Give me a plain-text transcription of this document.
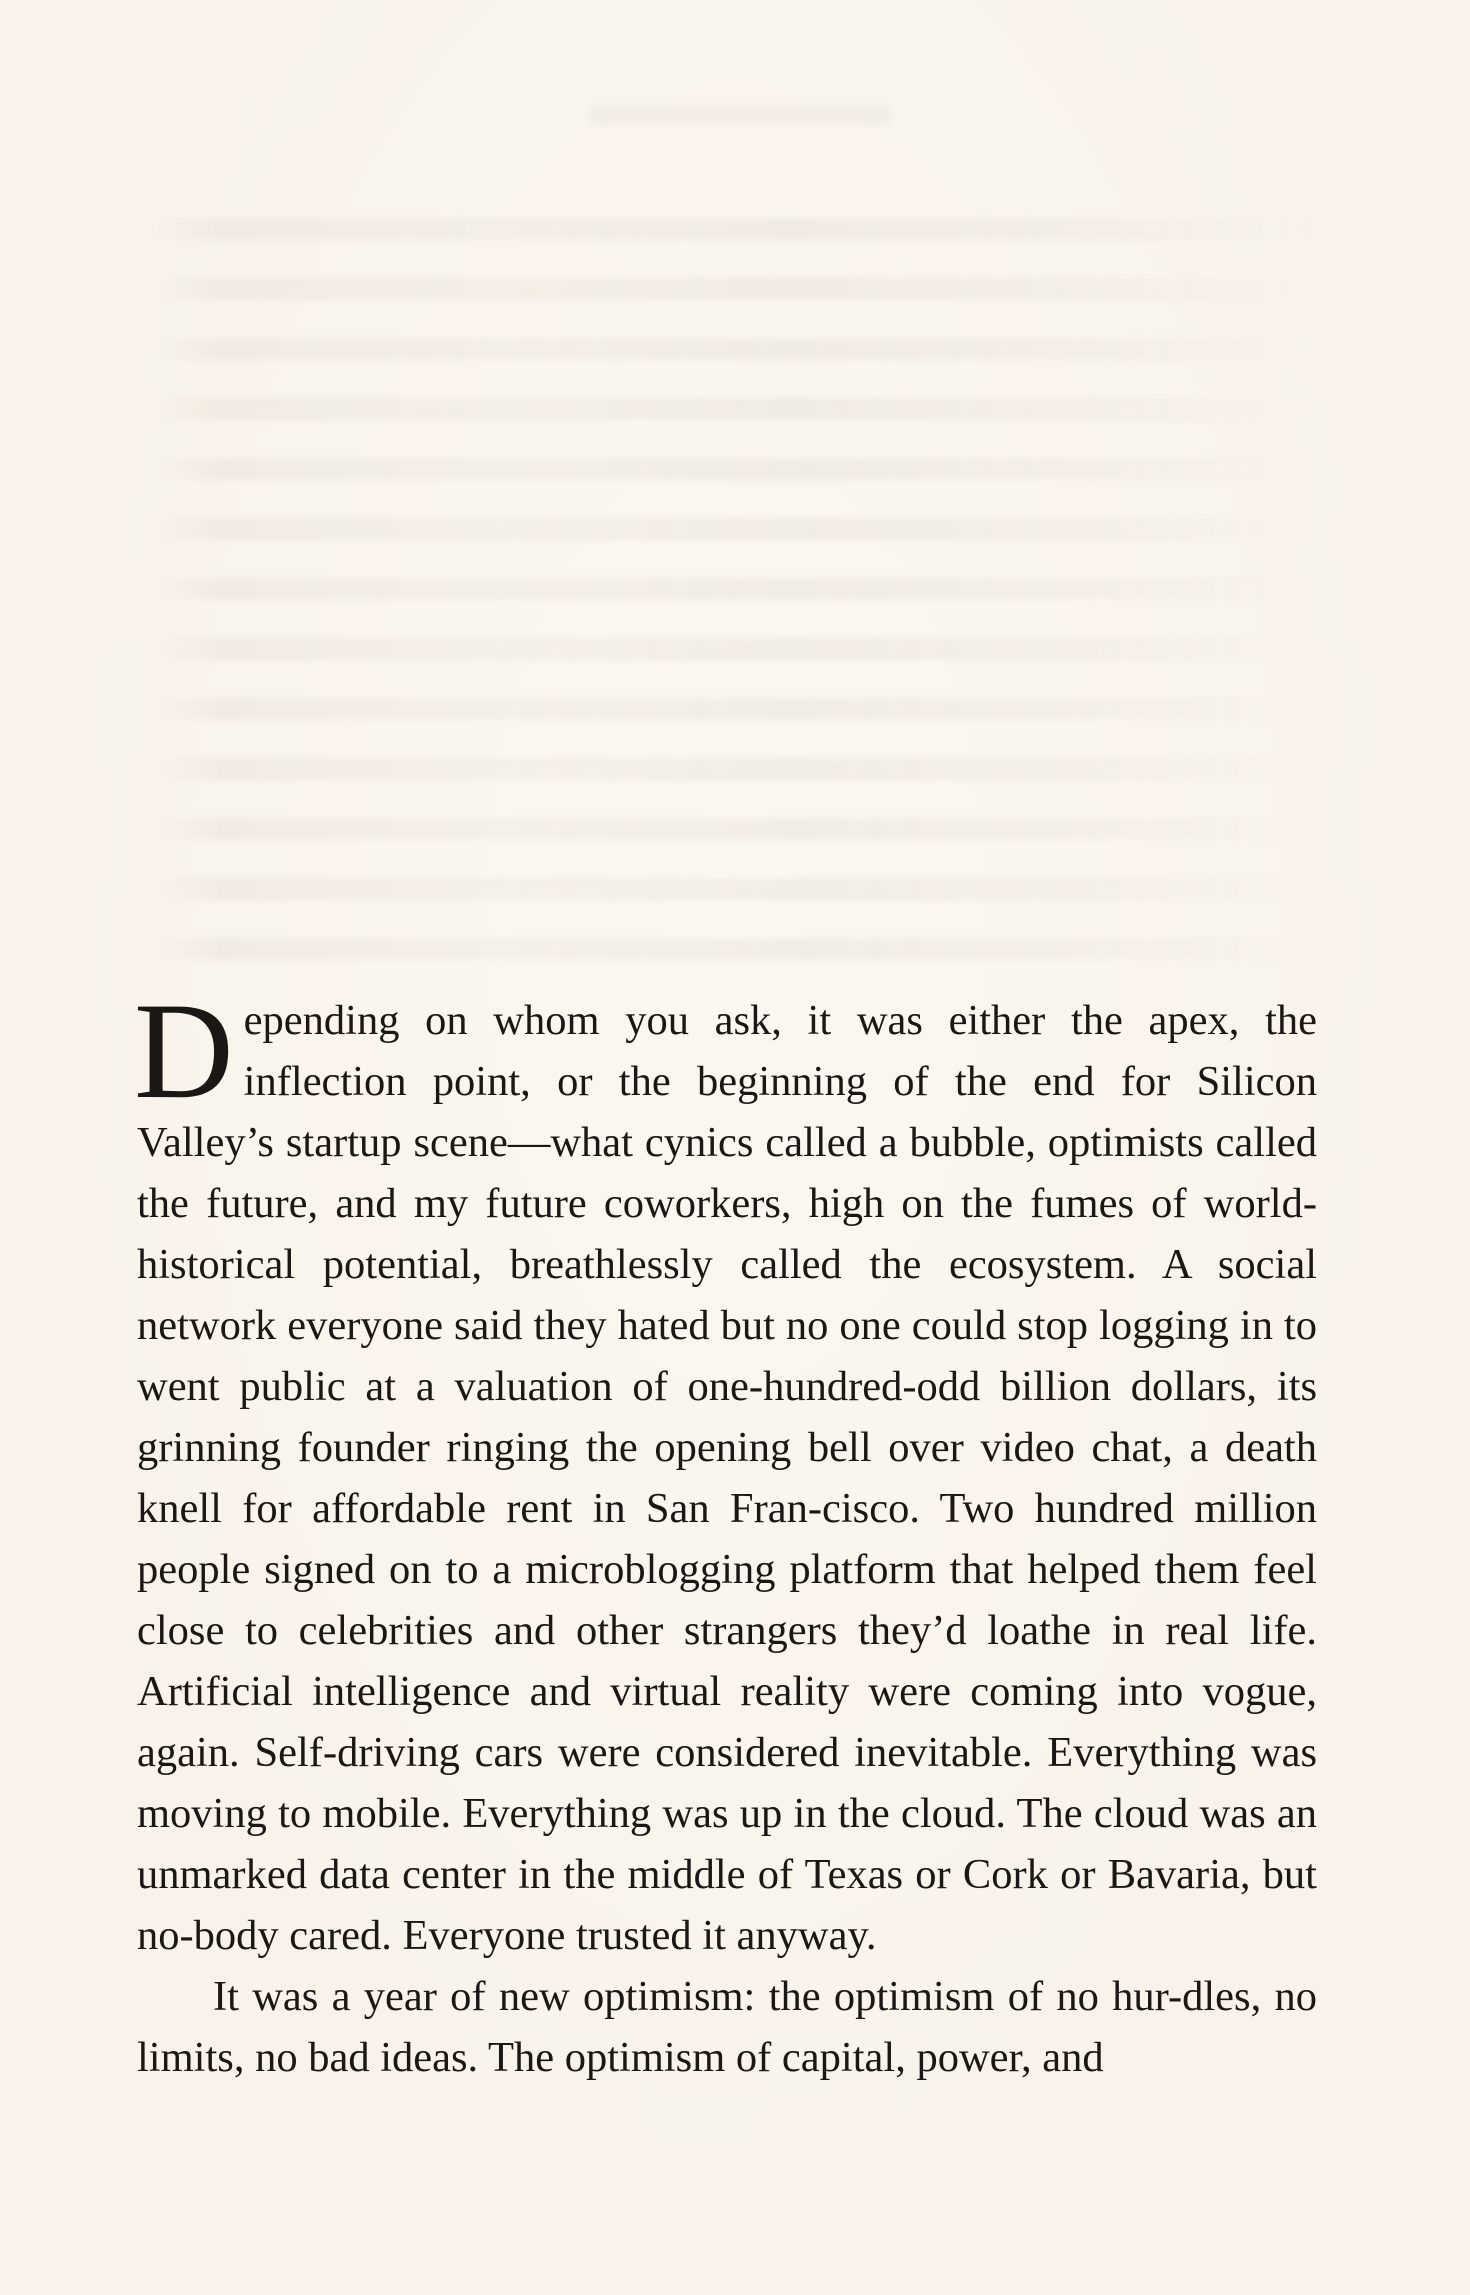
Depending on whom you ask, it was either the apex, the inflection point, or the beginning of the end for Silicon Valley’s startup scene—what cynics called a bubble, optimists called the future, and my future coworkers, high on the fumes of world-historical potential, breathlessly called the ecosystem. A social network everyone said they hated but no one could stop logging in to went public at a valuation of one-hundred-odd billion dollars, its grinning founder ringing the opening bell over video chat, a death knell for affordable rent in San Fran-cisco. Two hundred million people signed on to a microblogging platform that helped them feel close to celebrities and other strangers they’d loathe in real life. Artificial intelligence and virtual reality were coming into vogue, again. Self-driving cars were considered inevitable. Everything was moving to mobile. Everything was up in the cloud. The cloud was an unmarked data center in the middle of Texas or Cork or Bavaria, but no-body cared. Everyone trusted it anyway.

It was a year of new optimism: the optimism of no hur-dles, no limits, no bad ideas. The optimism of capital, power, and
